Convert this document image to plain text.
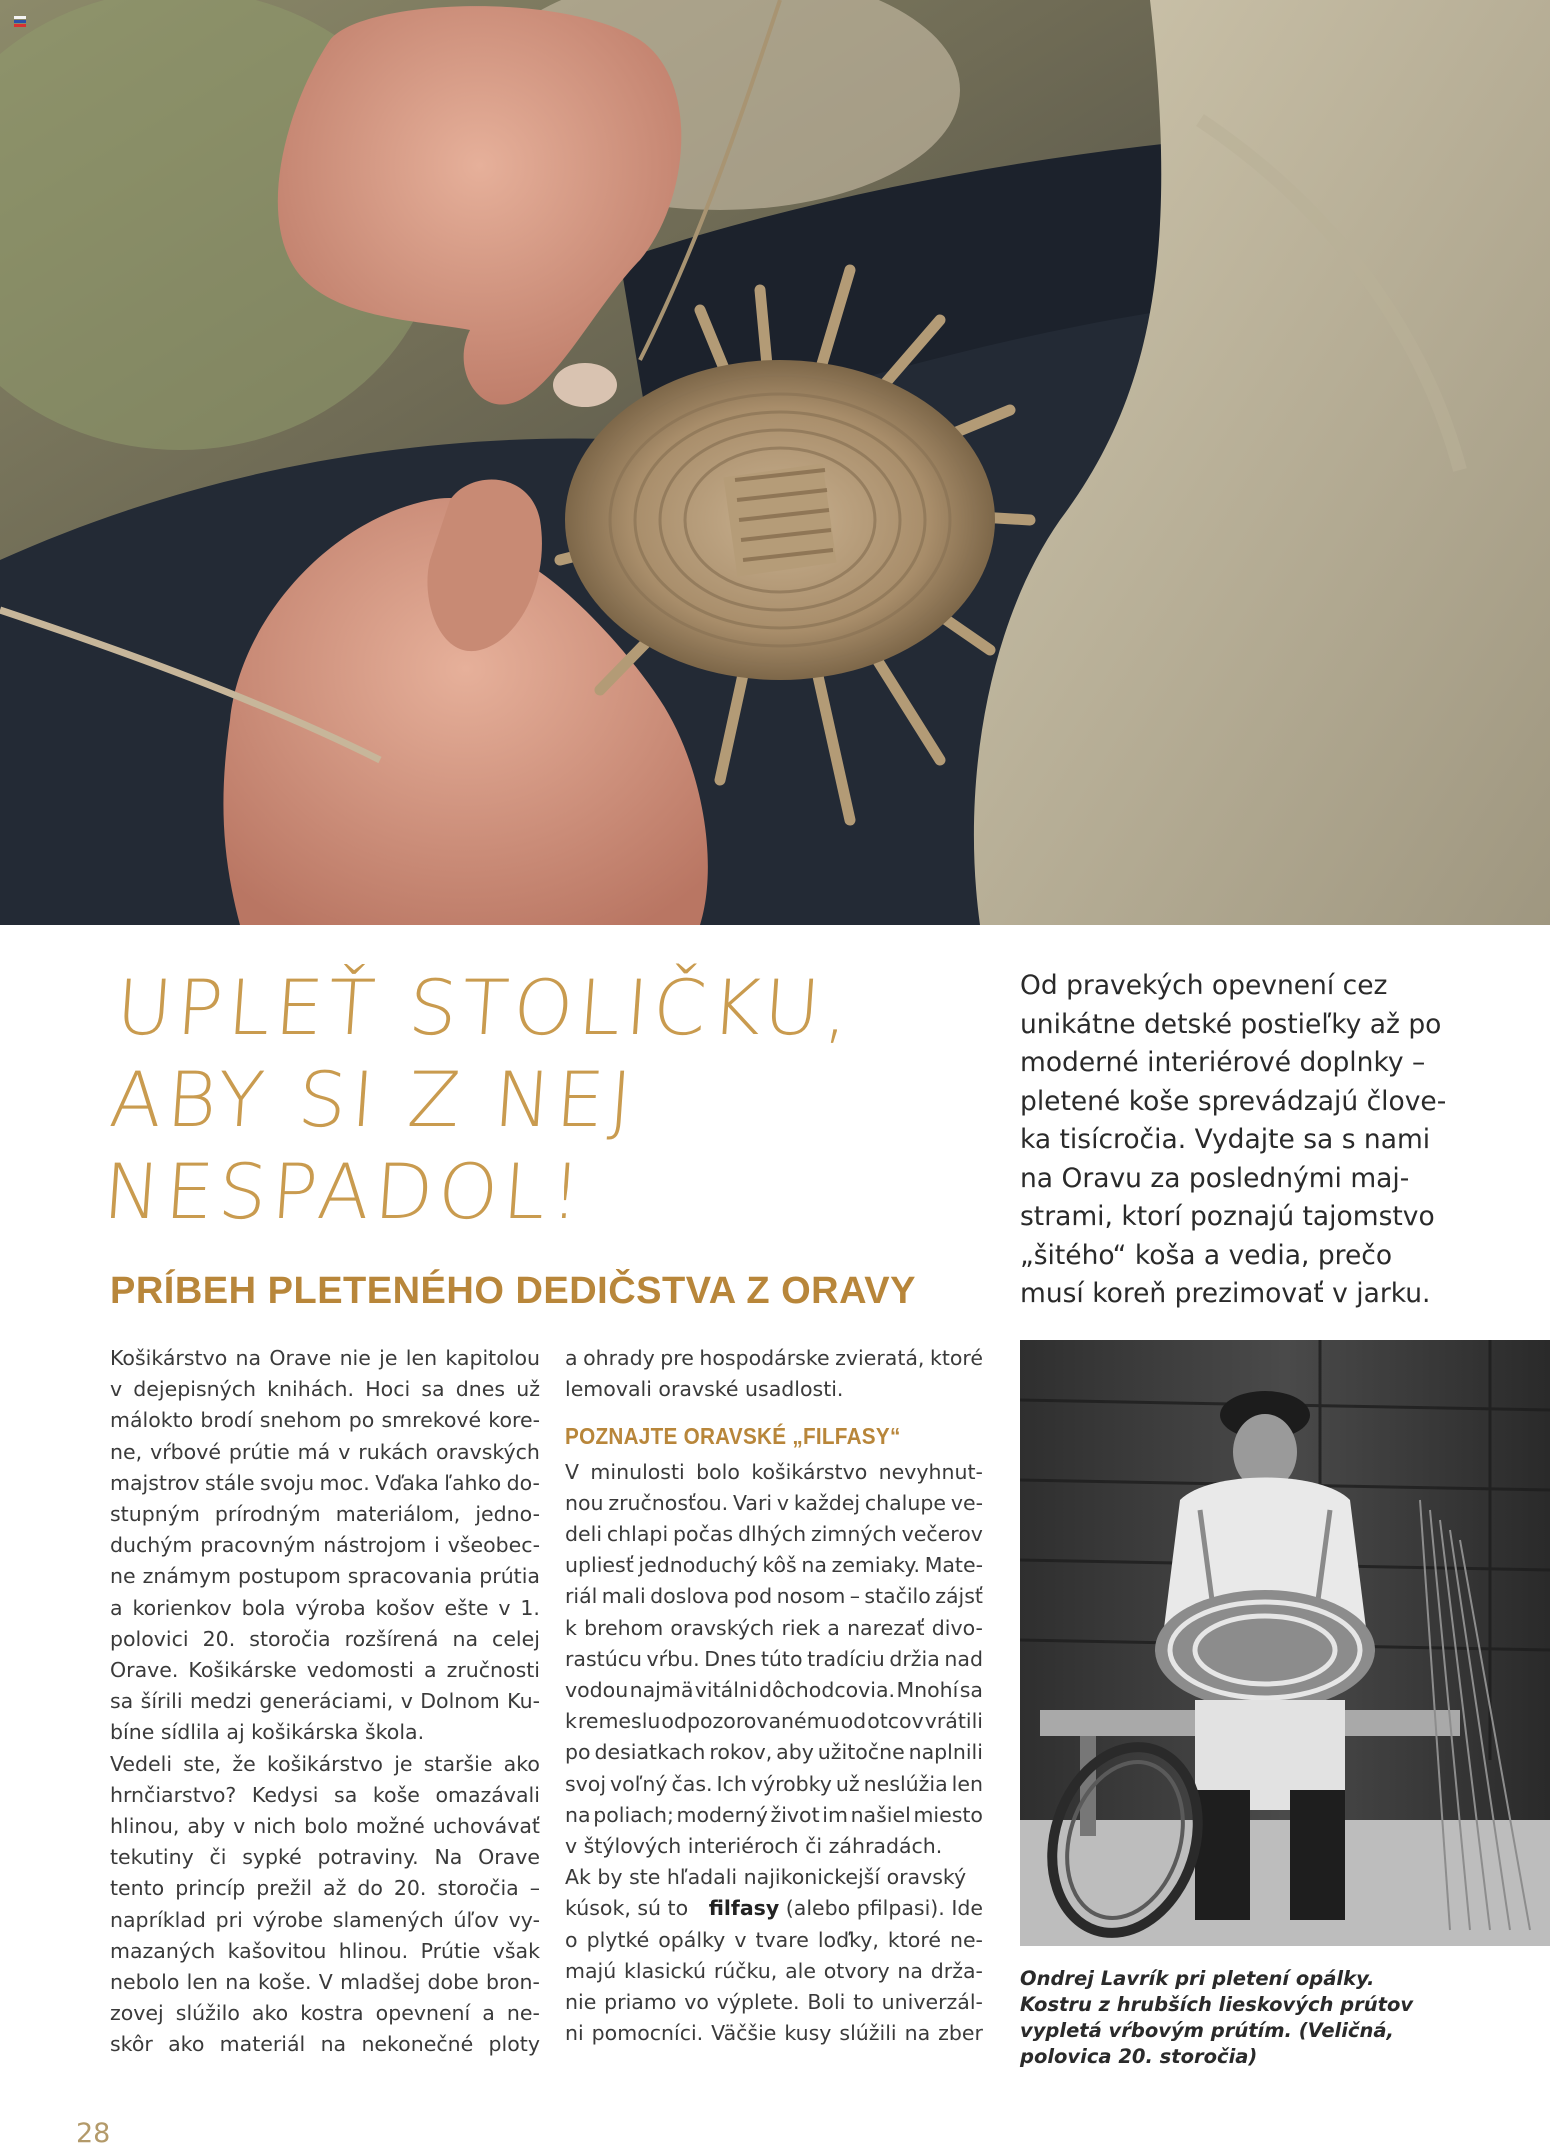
UPLEŤ STOLIČKU,
ABY SI Z NEJ
NESPADOL!
PRÍBEH PLETENÉHO DEDIČSTVA Z ORAVY
Od pravekých opevnení cez
unikátne detské postieľky až po
moderné interiérové doplnky –
pletené koše sprevádzajú člove-
ka tisícročia. Vydajte sa s nami
na Oravu za poslednými maj-
strami, ktorí poznajú tajomstvo
„šitého“ koša a vedia, prečo
musí koreň prezimovať v jarku.
Košikárstvo na Orave nie je len kapitolou
v dejepisných knihách. Hoci sa dnes už
málokto brodí snehom po smrekové kore-
ne, vŕbové prútie má v rukách oravských
majstrov stále svoju moc. Vďaka ľahko do-
stupným prírodným materiálom, jedno-
duchým pracovným nástrojom i všeobec-
ne známym postupom spracovania prútia
a korienkov bola výroba košov ešte v 1.
polovici 20. storočia rozšírená na celej
Orave. Košikárske vedomosti a zručnosti
sa šírili medzi generáciami, v Dolnom Ku-
bíne sídlila aj košikárska škola.
Vedeli ste, že košikárstvo je staršie ako
hrnčiarstvo? Kedysi sa koše omazávali
hlinou, aby v nich bolo možné uchovávať
tekutiny či sypké potraviny. Na Orave
tento princíp prežil až do 20. storočia –
napríklad pri výrobe slamených úľov vy-
mazaných kašovitou hlinou. Prútie však
nebolo len na koše. V mladšej dobe bron-
zovej slúžilo ako kostra opevnení a ne-
skôr ako materiál na nekonečné ploty
a ohrady pre hospodárske zvieratá, ktoré
lemovali oravské usadlosti.
POZNAJTE ORAVSKÉ „FILFASY“
V minulosti bolo košikárstvo nevyhnut-
nou zručnosťou. Vari v každej chalupe ve-
deli chlapi počas dlhých zimných večerov
upliesť jednoduchý kôš na zemiaky. Mate-
riál mali doslova pod nosom – stačilo zájsť
k brehom oravských riek a narezať divo-
rastúcu vŕbu. Dnes túto tradíciu držia nad
vodou najmä vitálni dôchodcovia. Mnohí sa
k remeslu odpozorovanému od otcov vrátili
po desiatkach rokov, aby užitočne naplnili
svoj voľný čas. Ich výrobky už neslúžia len
na poliach; moderný život im našiel miesto
v štýlových interiéroch či záhradách.
Ak by ste hľadali najikonickejší oravský
kúsok, sú to filfasy (alebo pfilpasi). Ide
o plytké opálky v tvare loďky, ktoré ne-
majú klasickú rúčku, ale otvory na drža-
nie priamo vo výplete. Boli to univerzál-
ni pomocníci. Väčšie kusy slúžili na zber
Ondrej Lavrík pri pletení opálky.
Kostru z hrubších lieskových prútov
vypletá vŕbovým prútím. (Veličná,
polovica 20. storočia)
28
